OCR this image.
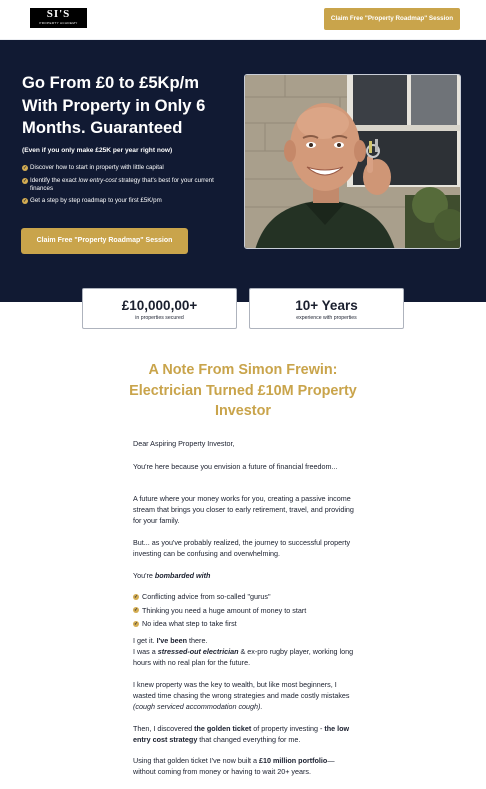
SI'S
PROPERTY ACADEMY
Claim Free "Property Roadmap" Session
Go From £0 to £5Kp/m With Property in Only 6 Months. Guaranteed

(Even if you only make £25K per year right now)

✓ Discover how to start in property with little capital
✓ Identify the exact low entry-cost strategy that's best for your current finances
✓ Get a step by step roadmap to your first £5K/pm
Claim Free "Property Roadmap" Session
£10,000,00+
in properties secured
10+ Years
experience with properties
A Note From Simon Frewin: Electrician Turned £10M Property Investor

Dear Aspiring Property Investor,

You're here because you envision a future of financial freedom...

A future where your money works for you, creating a passive income stream that brings you closer to early retirement, travel, and providing for your family.

But... as you've probably realized, the journey to successful property investing can be confusing and overwhelming.

You're bombarded with

✓ Conflicting advice from so-called "gurus"
✓ Thinking you need a huge amount of money to start
✓ No idea what step to take first

I get it. I've been there.
I was a stressed-out electrician & ex-pro rugby player, working long hours with no real plan for the future.

I knew property was the key to wealth, but like most beginners, I wasted time chasing the wrong strategies and made costly mistakes (cough serviced accommodation cough).

Then, I discovered the golden ticket of property investing - the low entry cost strategy that changed everything for me.

Using that golden ticket I've now built a £10 million portfolio— without coming from money or having to wait 20+ years.
